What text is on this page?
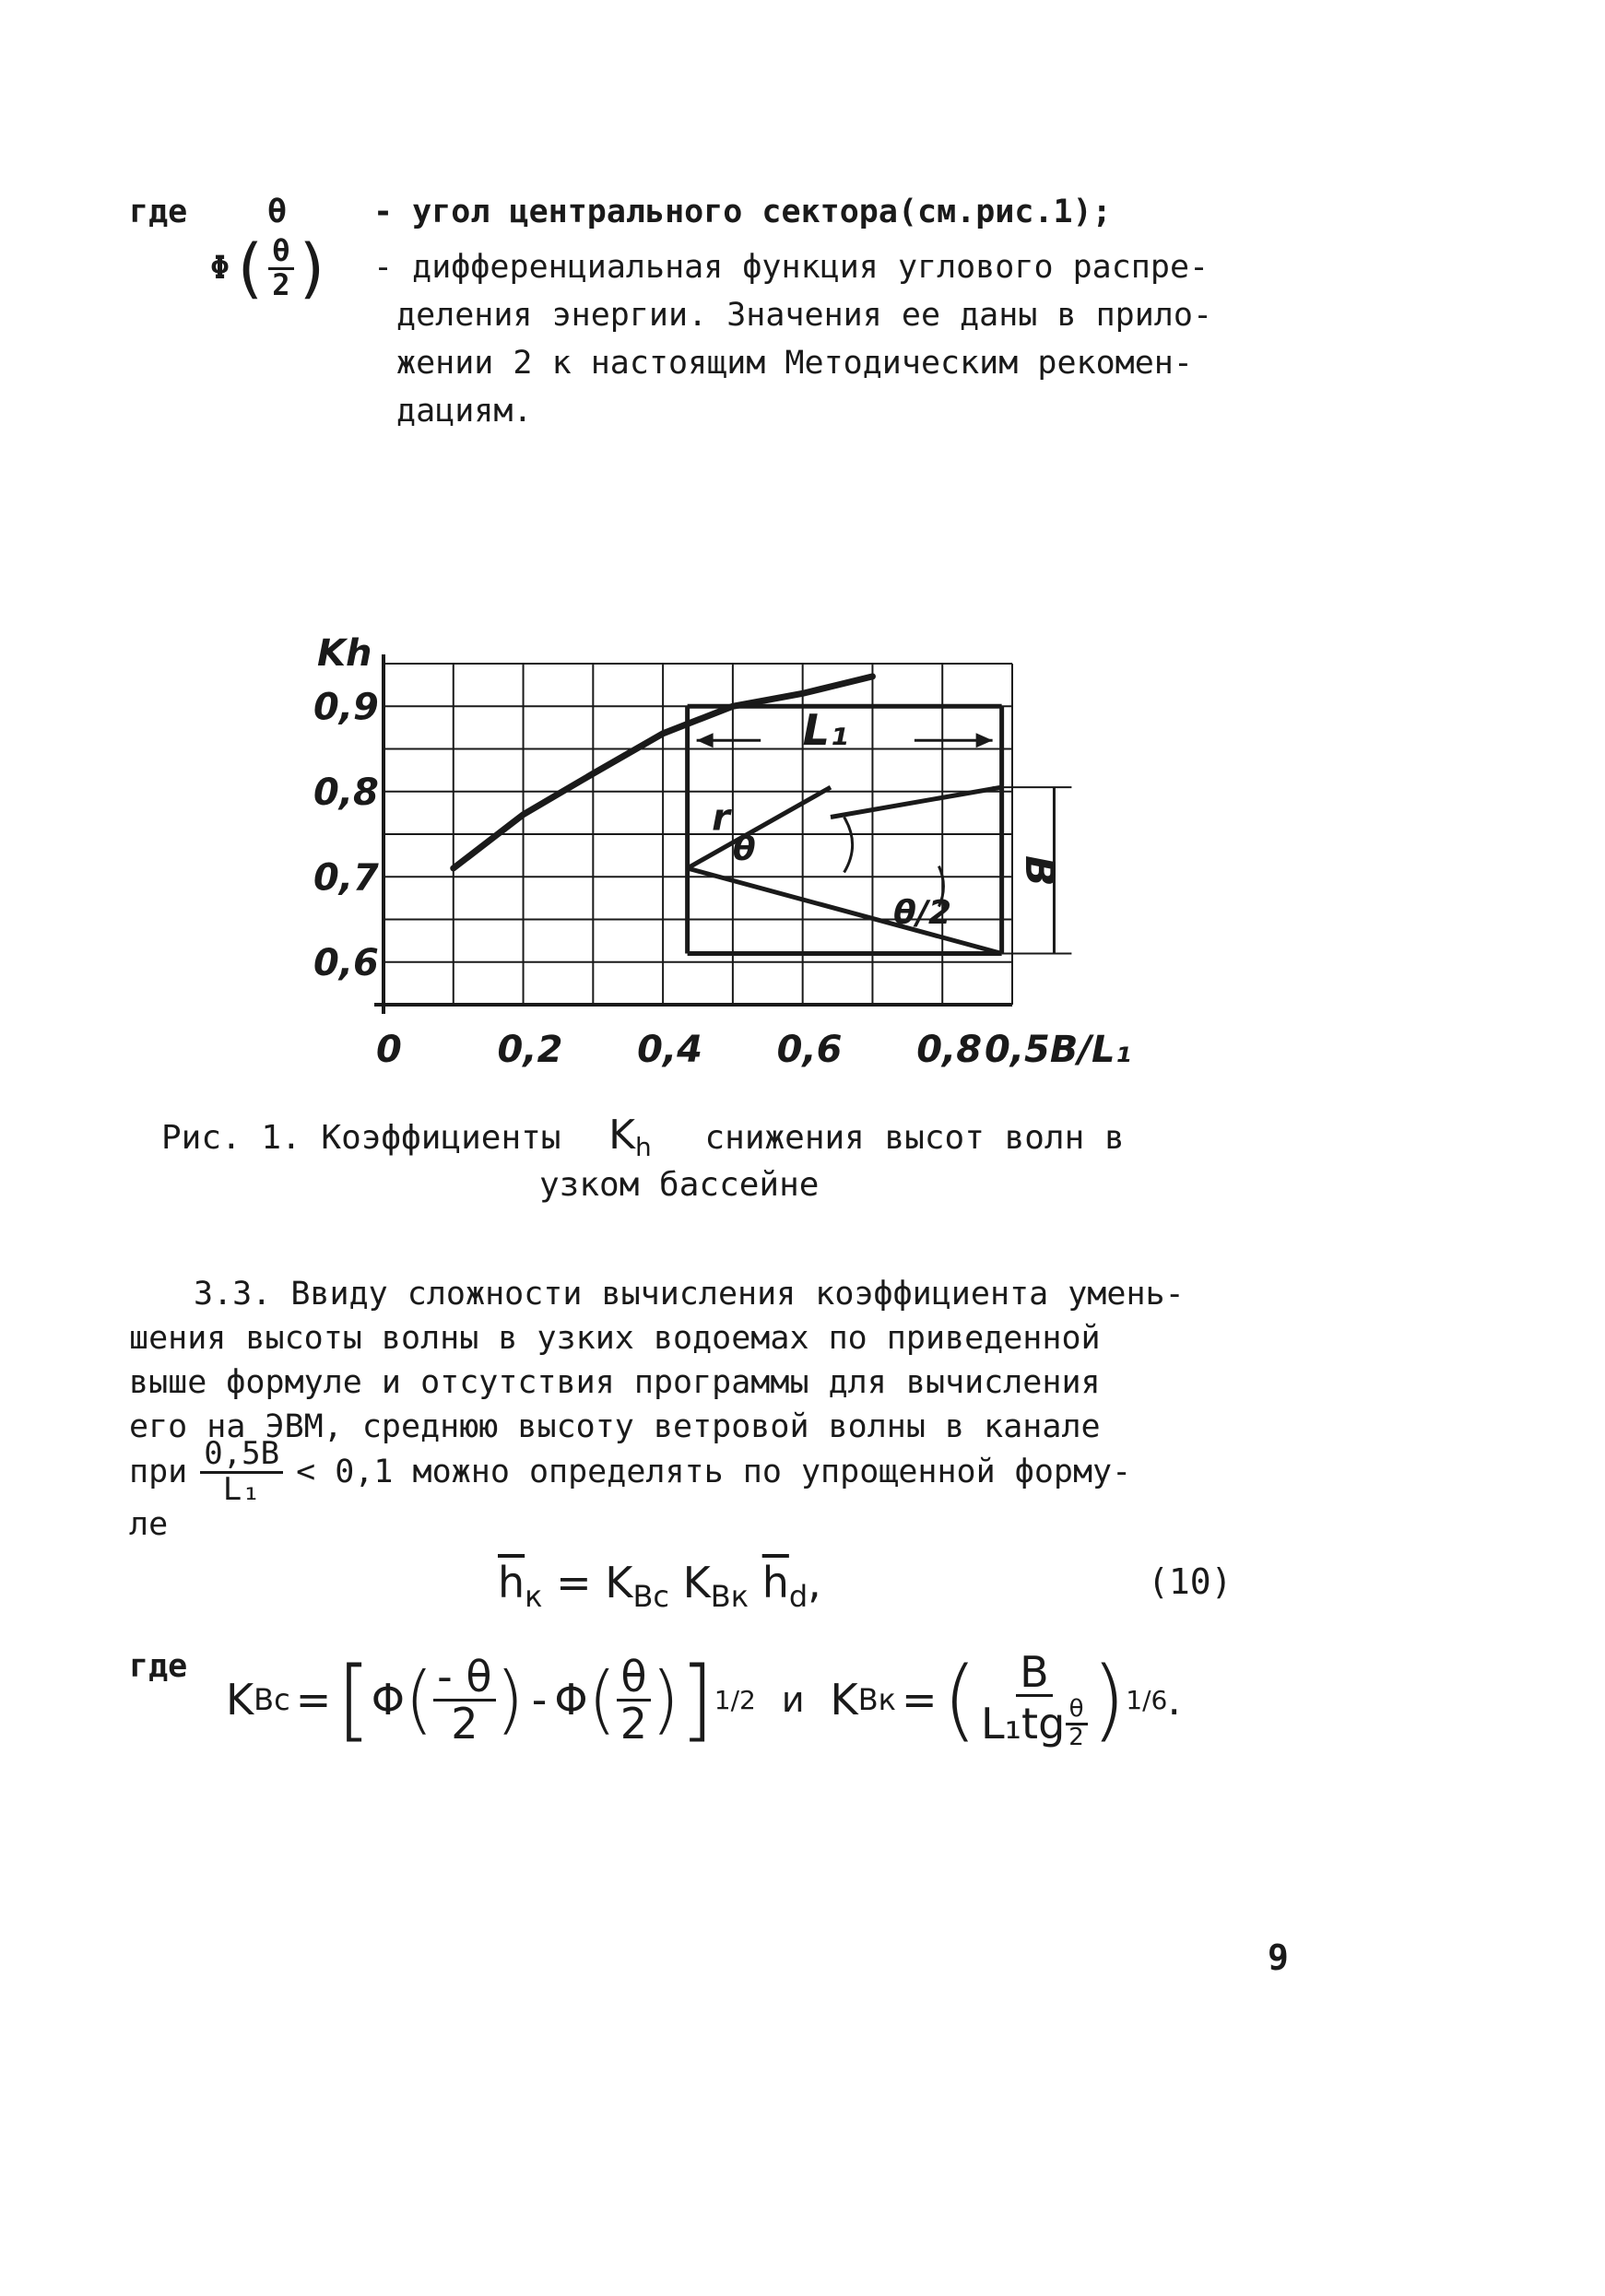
где θ	- угол центрального сектора(см.рис.1);
Φ ( $\frac{\theta}{2}$ ) - дифференциальная функция углового распре-
деления энергии. Значения ее даны в прило-
жении 2 к настоящим Методическим рекомен-
дациям.
0	0,2 0,4 0,6 0,8
0,6
0,7
0,8
0,9	L₁
r
θ
θ/2
B
0,5B/L₁
Kh
Рис. 1. Коэффициенты $K_h$ снижения высот волн в
узком бассейне
3.3. Ввиду сложности вычисления коэффициента умень-
шения высоты волны в узких водоемах по приведенной
выше формуле и отсутствия программы для вычисления
его на ЭВМ, среднюю высоту ветровой волны в канале
при $\frac{0,5B}{\text{L₁}} < 0,1$ можно определять по упрощенной форму-
ле
$\overline{h}_к = K_{Bc}$ $K_{Bк}$ $\overline{h}_d$,	(10)
где
K Bc = [ Φ ( $\frac{- \theta}{2}$ ) - Φ ( $\frac{\theta}{2}$ ) ] 1/2 и K Bк = ( $\frac{B}{L_1tg \frac{\theta}{2}}$ ) 1/6 .
9
